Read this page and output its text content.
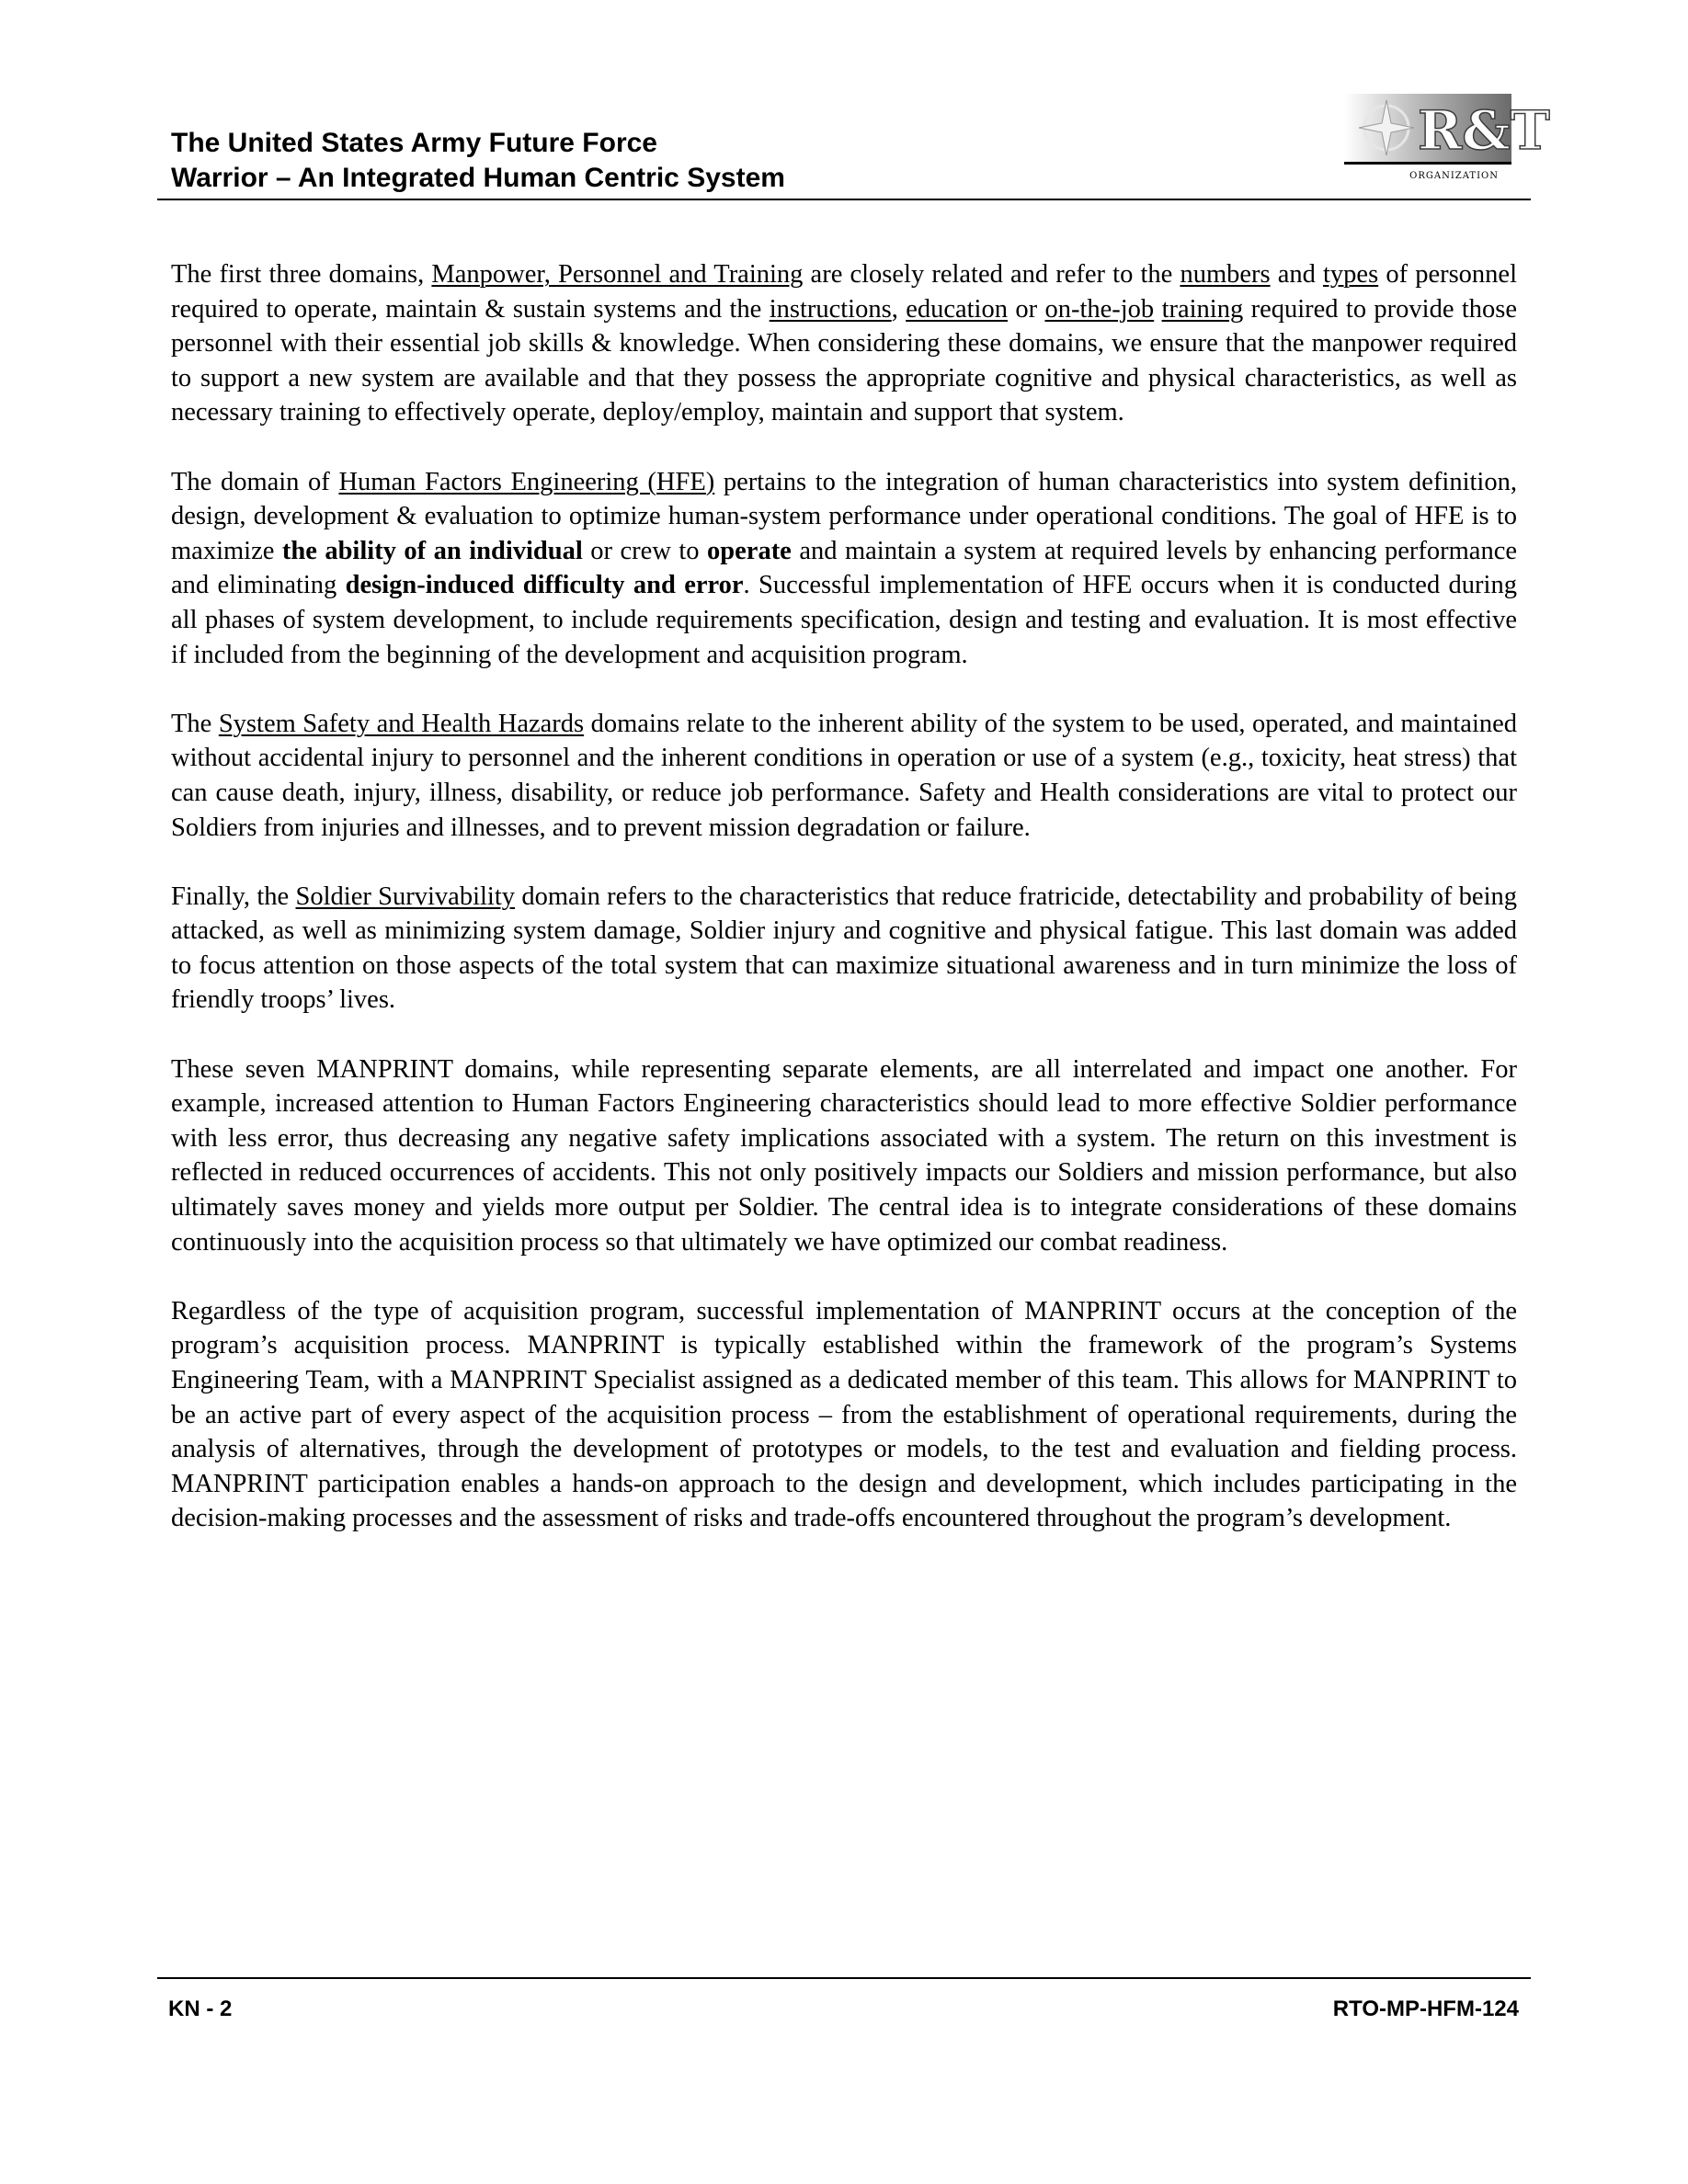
The United States Army Future Force
Warrior – An Integrated Human Centric System
R&T
ORGANIZATION

The first three domains, Manpower, Personnel and Training are closely related and refer to the numbers and types of personnel required to operate, maintain & sustain systems and the instructions, education or on-the-job training required to provide those personnel with their essential job skills & knowledge. When considering these domains, we ensure that the manpower required to support a new system are available and that they possess the appropriate cognitive and physical characteristics, as well as necessary training to effectively operate, deploy/employ, maintain and support that system.

The domain of Human Factors Engineering (HFE) pertains to the integration of human characteristics into system definition, design, development & evaluation to optimize human-system performance under operational conditions. The goal of HFE is to maximize the ability of an individual or crew to operate and maintain a system at required levels by enhancing performance and eliminating design-induced difficulty and error. Successful implementation of HFE occurs when it is conducted during all phases of system development, to include requirements specification, design and testing and evaluation. It is most effective if included from the beginning of the development and acquisition program.

The System Safety and Health Hazards domains relate to the inherent ability of the system to be used, operated, and maintained without accidental injury to personnel and the inherent conditions in operation or use of a system (e.g., toxicity, heat stress) that can cause death, injury, illness, disability, or reduce job performance. Safety and Health considerations are vital to protect our Soldiers from injuries and illnesses, and to prevent mission degradation or failure.

Finally, the Soldier Survivability domain refers to the characteristics that reduce fratricide, detectability and probability of being attacked, as well as minimizing system damage, Soldier injury and cognitive and physical fatigue. This last domain was added to focus attention on those aspects of the total system that can maximize situational awareness and in turn minimize the loss of friendly troops’ lives.

These seven MANPRINT domains, while representing separate elements, are all interrelated and impact one another. For example, increased attention to Human Factors Engineering characteristics should lead to more effective Soldier performance with less error, thus decreasing any negative safety implications associated with a system. The return on this investment is reflected in reduced occurrences of accidents. This not only positively impacts our Soldiers and mission performance, but also ultimately saves money and yields more output per Soldier. The central idea is to integrate considerations of these domains continuously into the acquisition process so that ultimately we have optimized our combat readiness.

Regardless of the type of acquisition program, successful implementation of MANPRINT occurs at the conception of the program’s acquisition process. MANPRINT is typically established within the framework of the program’s Systems Engineering Team, with a MANPRINT Specialist assigned as a dedicated member of this team. This allows for MANPRINT to be an active part of every aspect of the acquisition process – from the establishment of operational requirements, during the analysis of alternatives, through the development of prototypes or models, to the test and evaluation and fielding process. MANPRINT participation enables a hands-on approach to the design and development, which includes participating in the decision-making processes and the assessment of risks and trade-offs encountered throughout the program’s development.

KN - 2	RTO-MP-HFM-124
